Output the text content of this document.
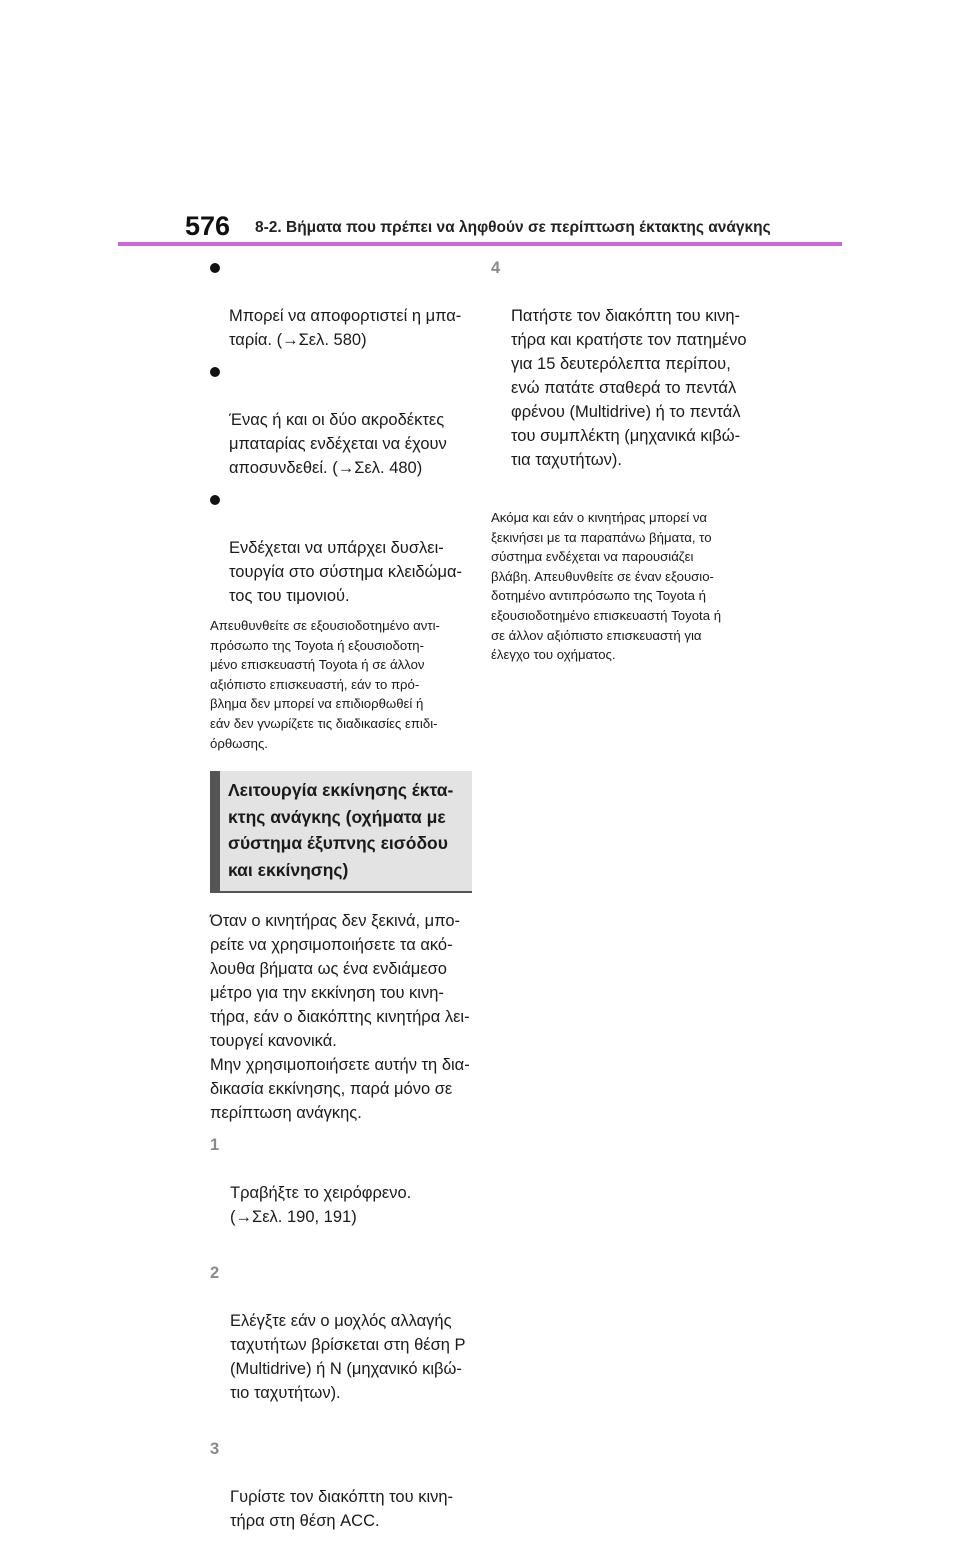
576 8-2. Βήματα που πρέπει να ληφθούν σε περίπτωση έκτακτης ανάγκης

Μπορεί να αποφορτιστεί η μπα-
ταρία. (→Σελ. 580)

Ένας ή και οι δύο ακροδέκτες
μπαταρίας ενδέχεται να έχουν
αποσυνδεθεί. (→Σελ. 480)

Ενδέχεται να υπάρχει δυσλει-
τουργία στο σύστημα κλειδώμα-
τος του τιμονιού.

Απευθυνθείτε σε εξουσιοδοτημένο αντι-
πρόσωπο της Toyota ή εξουσιοδοτη-
μένο επισκευαστή Toyota ή σε άλλον
αξιόπιστο επισκευαστή, εάν το πρό-
βλημα δεν μπορεί να επιδιορθωθεί ή
εάν δεν γνωρίζετε τις διαδικασίες επιδι-
όρθωσης.

Λειτουργία εκκίνησης έκτα-
κτης ανάγκης (οχήματα με
σύστημα έξυπνης εισόδου
και εκκίνησης)

Όταν ο κινητήρας δεν ξεκινά, μπο-
ρείτε να χρησιμοποιήσετε τα ακό-
λουθα βήματα ως ένα ενδιάμεσο
μέτρο για την εκκίνηση του κινη-
τήρα, εάν ο διακόπτης κινητήρα λει-
τουργεί κανονικά.
Μην χρησιμοποιήσετε αυτήν τη δια-
δικασία εκκίνησης, παρά μόνο σε
περίπτωση ανάγκης.

1

Τραβήξτε το χειρόφρενο.
(→Σελ. 190, 191)

2

Ελέγξτε εάν ο μοχλός αλλαγής
ταχυτήτων βρίσκεται στη θέση P
(Multidrive) ή N (μηχανικό κιβώ-
τιο ταχυτήτων).

3

Γυρίστε τον διακόπτη του κινη-
τήρα στη θέση ACC.

4

Πατήστε τον διακόπτη του κινη-
τήρα και κρατήστε τον πατημένο
για 15 δευτερόλεπτα περίπου,
ενώ πατάτε σταθερά το πεντάλ
φρένου (Multidrive) ή το πεντάλ
του συμπλέκτη (μηχανικά κιβώ-
τια ταχυτήτων).

Ακόμα και εάν ο κινητήρας μπορεί να
ξεκινήσει με τα παραπάνω βήματα, το
σύστημα ενδέχεται να παρουσιάζει
βλάβη. Απευθυνθείτε σε έναν εξουσιο-
δοτημένο αντιπρόσωπο της Toyota ή
εξουσιοδοτημένο επισκευαστή Toyota ή
σε άλλον αξιόπιστο επισκευαστή για
έλεγχο του οχήματος.
